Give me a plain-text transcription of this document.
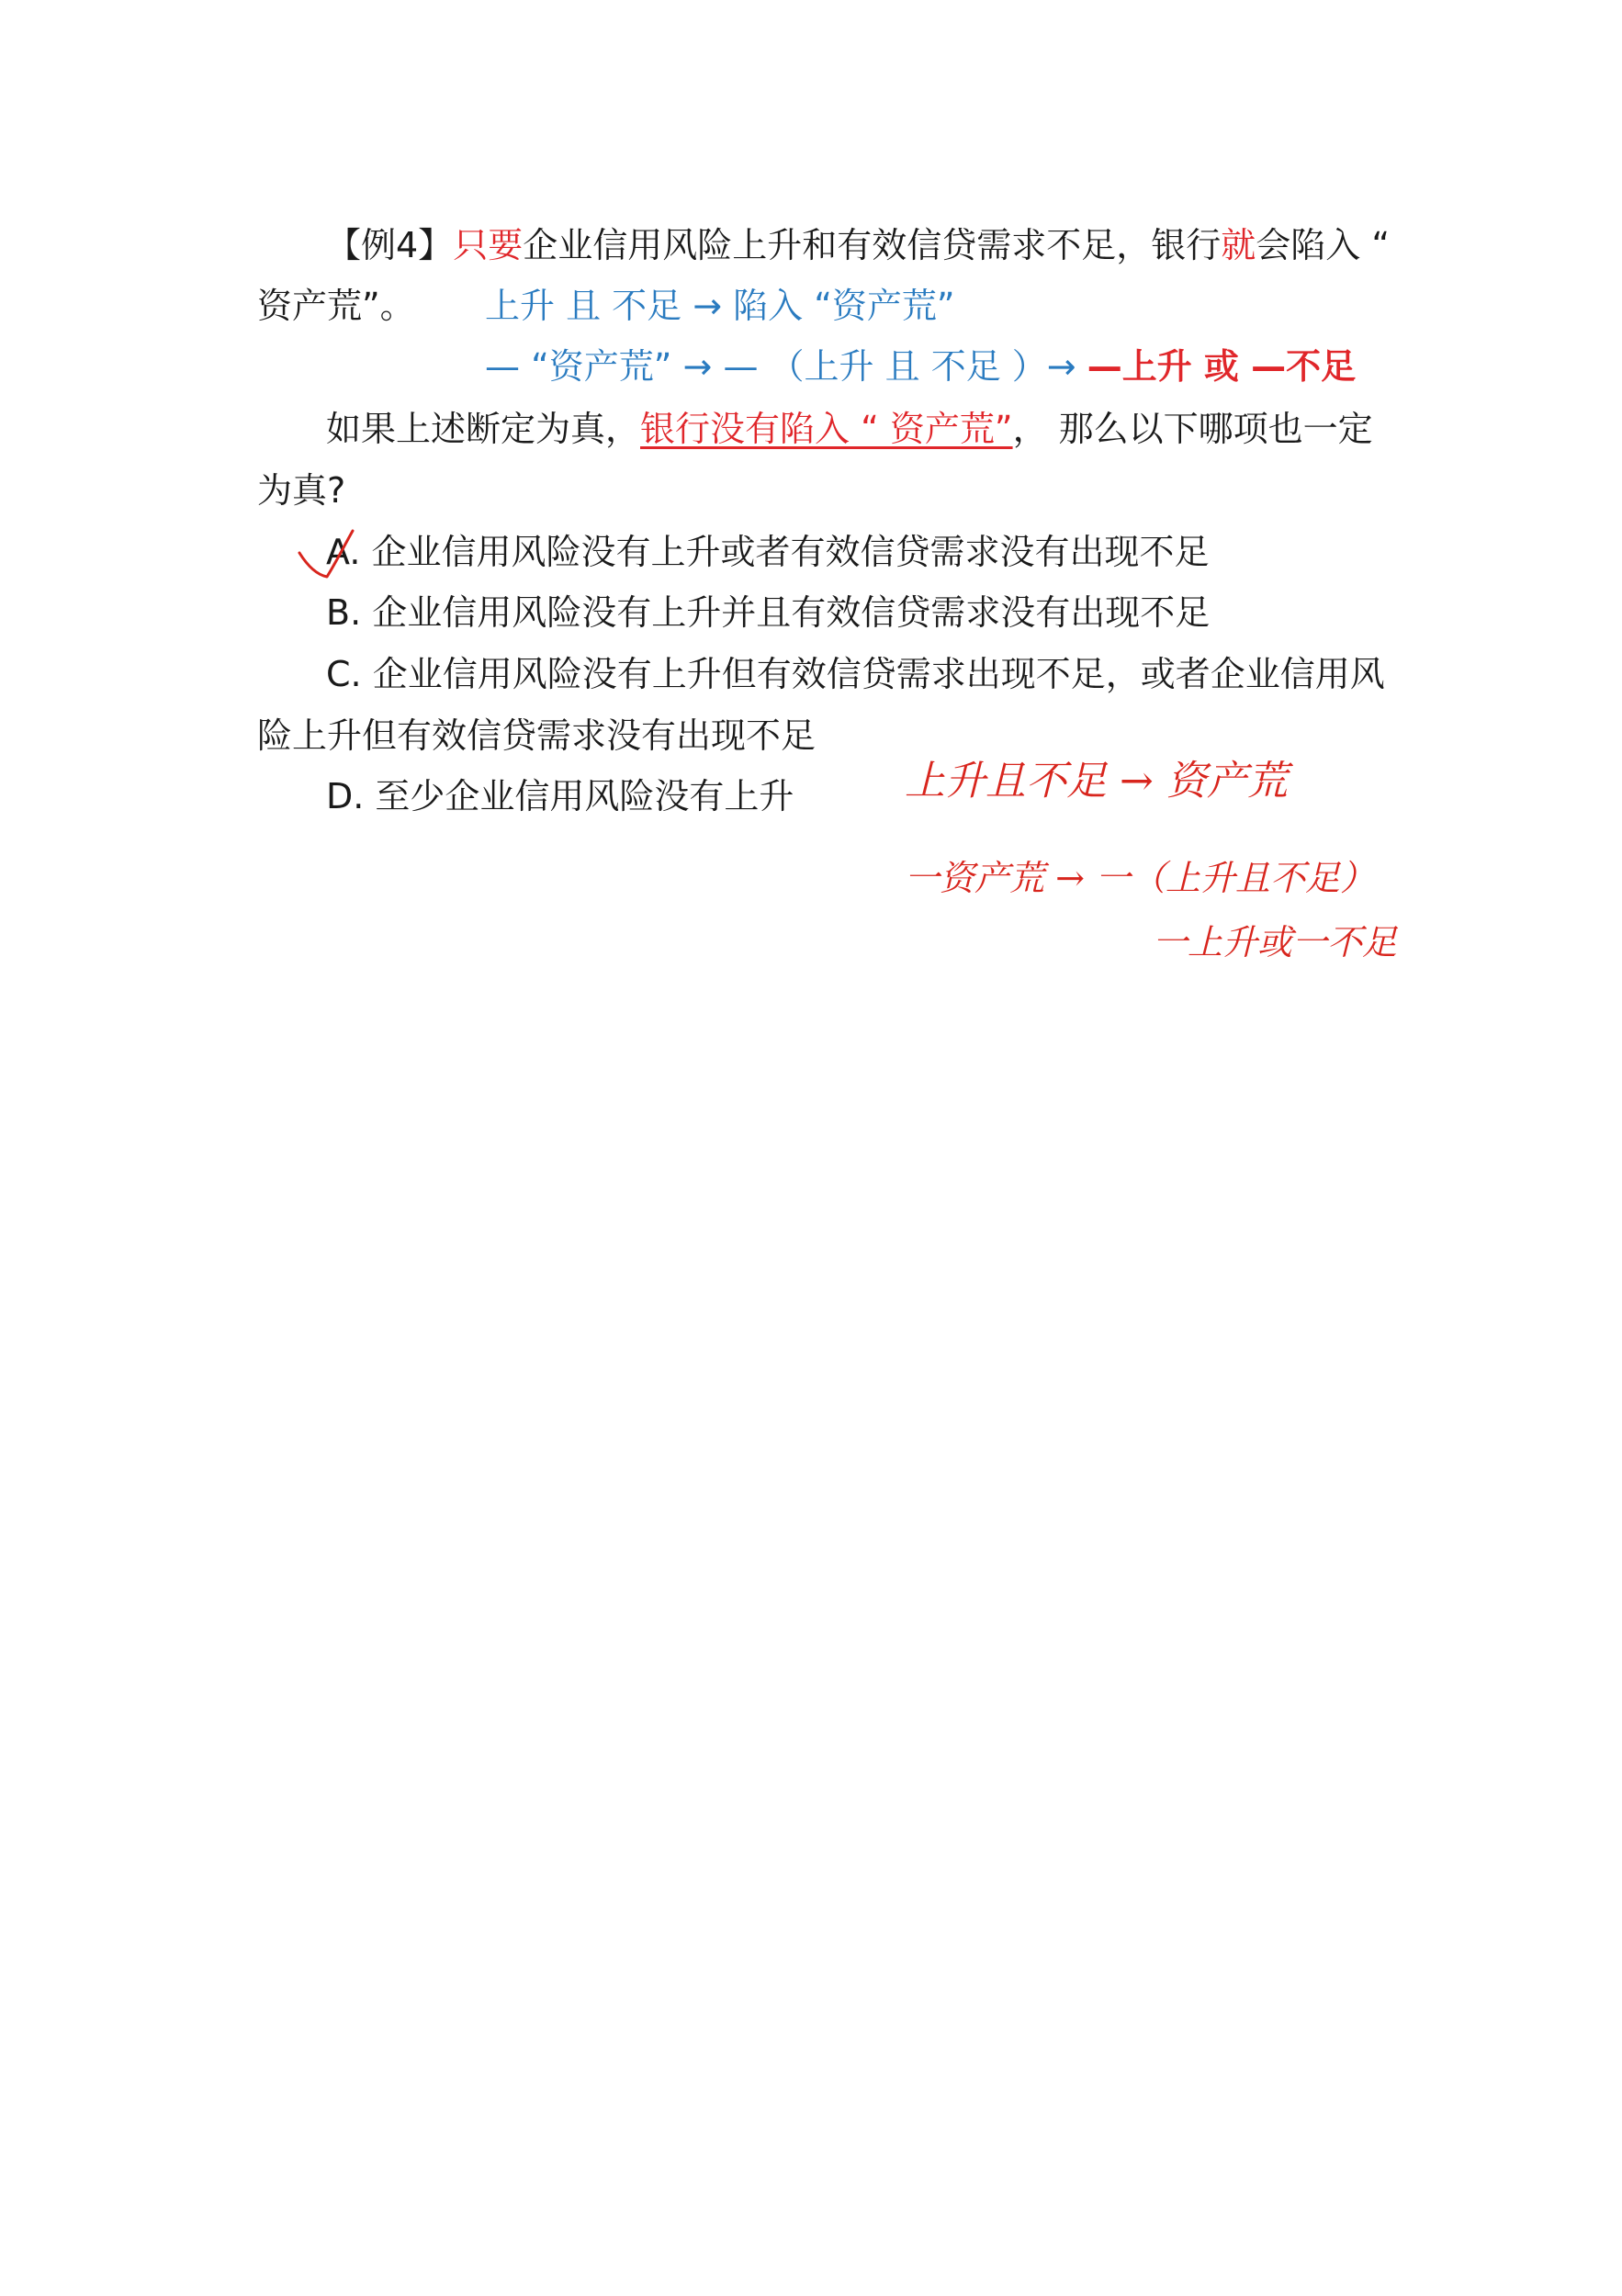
【例4】只要企业信用风险上升和有效信贷需求不足，银行就会陷入 “
资产荒”。 上升 且 不足 → 陷入 “资产荒”
— “资产荒” → — （上升 且 不足 ）→ —上升 或 —不足
如果上述断定为真，银行没有陷入 “ 资产荒”， 那么以下哪项也一定
为真?
A. 企业信用风险没有上升或者有效信贷需求没有出现不足
B. 企业信用风险没有上升并且有效信贷需求没有出现不足
C. 企业信用风险没有上升但有效信贷需求出现不足，或者企业信用风
险上升但有效信贷需求没有出现不足
D. 至少企业信用风险没有上升	上升且不足 → 资产荒
一资产荒 → 一（上升且不足）
一上升或一不足
